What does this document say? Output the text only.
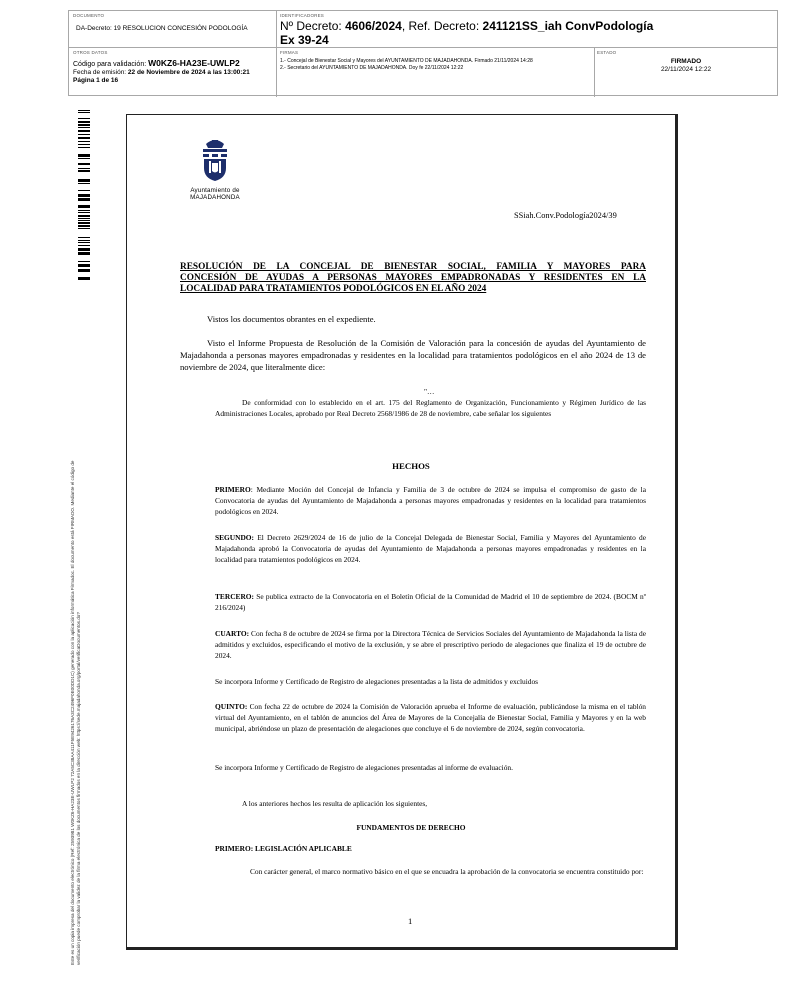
DOCUMENTO
DA-Decreto: 19 RESOLUCION CONCESIÓN PODOLOGÍA
IDENTIFICADORES
Nº Decreto: 4606/2024, Ref. Decreto: 241121SS_iah ConvPodología
Ex 39-24
OTROS DATOS
Código para validación: W0KZ6-HA23E-UWLP2
Fecha de emisión: 22 de Noviembre de 2024 a las 13:00:21
Página 1 de 16
FIRMAS
1.- Concejal de Bienestar Social y Mayores del AYUNTAMIENTO DE MAJADAHONDA. Firmado 21/11/2024 14:28
2.- Secretario del AYUNTAMIENTO DE MAJADAHONDA. Doy fe 22/11/2024 12:22
ESTADO
FIRMADO
22/11/2024 12:22
Este es un copia impresa del documento electrónico (Ref: 2593981 W0KZ6-HA23E-UWLP2 72A5C38AA411F5E9426176A3C2496F0E00DD1C) generado con la aplicación informática Firmadoc. El documento está FIRMADO. Mediante el código de verificación puede comprobar la validez de la firma electrónica de los documentos firmados en la dirección web: https://sede.majadahonda.org/portal/verificaDocumentos.do?
Ayuntamiento de
MAJADAHONDA
SSiah.Conv.Podología2024/39
RESOLUCIÓN DE LA CONCEJAL DE BIENESTAR SOCIAL, FAMILIA Y MAYORES PARA
CONCESIÓN DE AYUDAS A PERSONAS MAYORES EMPADRONADAS Y RESIDENTES EN LA
LOCALIDAD PARA TRATAMIENTOS PODOLÓGICOS EN EL AÑO 2024
Vistos los documentos obrantes en el expediente.
Visto el Informe Propuesta de Resolución de la Comisión de Valoración para la concesión de ayudas del Ayuntamiento de Majadahonda a personas mayores empadronadas y residentes en la localidad para tratamientos podológicos en el año 2024 de 13 de noviembre de 2024, que literalmente dice:
"…
De conformidad con lo establecido en el art. 175 del Reglamento de Organización, Funcionamiento y Régimen Jurídico de las Administraciones Locales, aprobado por Real Decreto 2568/1986 de 28 de noviembre, cabe señalar los siguientes
HECHOS
PRIMERO: Mediante Moción del Concejal de Infancia y Familia de 3 de octubre de 2024 se impulsa el compromiso de gasto de la Convocatoria de ayudas del Ayuntamiento de Majadahonda a personas mayores empadronadas y residentes en la localidad para tratamientos podológicos en 2024.
SEGUNDO: El Decreto 2629/2024 de 16 de julio de la Concejal Delegada de Bienestar Social, Familia y Mayores del Ayuntamiento de Majadahonda aprobó la Convocatoria de ayudas del Ayuntamiento de Majadahonda a personas mayores empadronadas y residentes en la localidad para tratamientos podológicos en 2024.
TERCERO: Se publica extracto de la Convocatoria en el Boletín Oficial de la Comunidad de Madrid el 10 de septiembre de 2024. (BOCM nº 216/2024)
CUARTO: Con fecha 8 de octubre de 2024 se firma por la Directora Técnica de Servicios Sociales del Ayuntamiento de Majadahonda la lista de admitidos y excluidos, especificando el motivo de la exclusión, y se abre el prescriptivo periodo de alegaciones que finaliza el 19 de octubre de 2024.
Se incorpora Informe y Certificado de Registro de alegaciones presentadas a la lista de admitidos y excluidos
QUINTO: Con fecha 22 de octubre de 2024 la Comisión de Valoración aprueba el Informe de evaluación, publicándose la misma en el tablón virtual del Ayuntamiento, en el tablón de anuncios del Área de Mayores de la Concejalía de Bienestar Social, Familia y Mayores y en la web municipal, abriéndose un plazo de presentación de alegaciones que concluye el 6 de noviembre de 2024, según convocatoria.
Se incorpora Informe y Certificado de Registro de alegaciones presentadas al informe de evaluación.
A los anteriores hechos les resulta de aplicación los siguientes,
FUNDAMENTOS DE DERECHO
PRIMERO: LEGISLACIÓN APLICABLE
Con carácter general, el marco normativo básico en el que se encuadra la aprobación de la convocatoria se encuentra constituido por:
1
